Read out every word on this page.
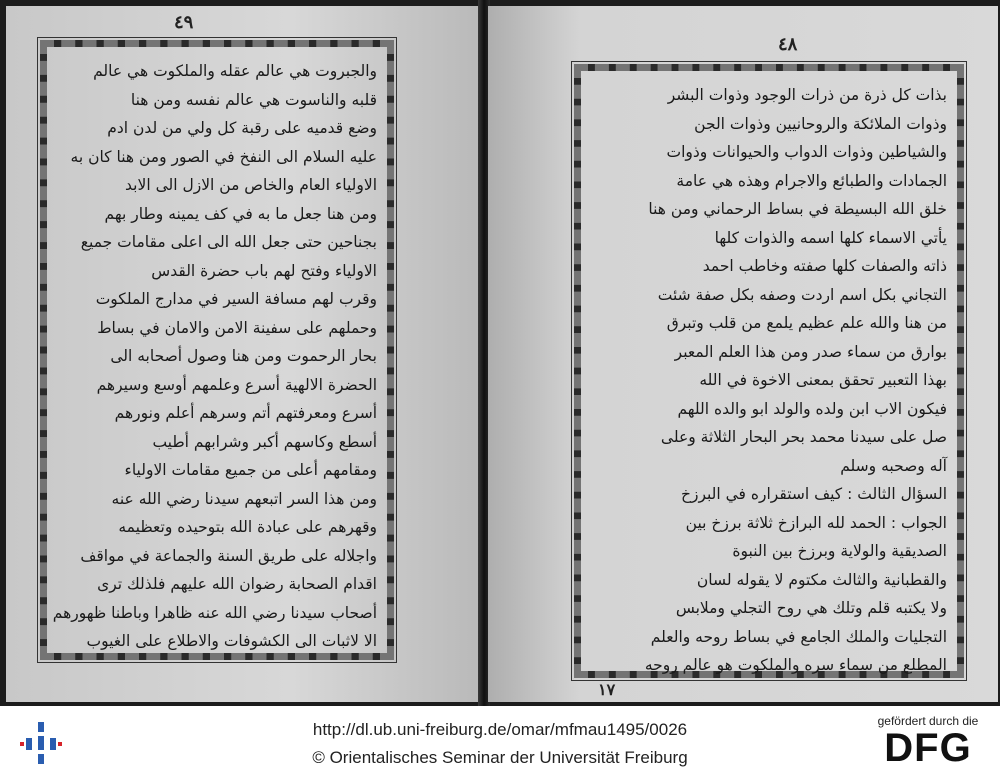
٤٩
والجبروت هي عالم عقله والملكوت هي عالم
قلبه والناسوت هي عالم نفسه ومن هنا
وضع قدميه على رقبة كل ولي من لدن ادم
عليه السلام الى النفخ في الصور ومن هنا كان به
الاولياء العام والخاص من الازل الى الابد
ومن هنا جعل ما به في كف يمينه وطار بهم
بجناحين حتى جعل الله الى اعلى مقامات جميع
الاولياء وفتح لهم باب حضرة القدس
وقرب لهم مسافة السير في مدارج الملكوت
وحملهم على سفينة الامن والامان في بساط
بحار الرحموت ومن هنا وصول أصحابه الى
الحضرة الالهية أسرع وعلمهم أوسع وسيرهم
أسرع ومعرفتهم أتم وسرهم أعلم ونورهم
أسطع وكاسهم أكبر وشرابهم أطيب
ومقامهم أعلى من جميع مقامات الاولياء
ومن هذا السر اتبعهم سيدنا رضي الله عنه
وقهرهم على عبادة الله بتوحيده وتعظيمه
واجلاله على طريق السنة والجماعة في مواقف
اقدام الصحابة رضوان الله عليهم فلذلك ترى
أصحاب سيدنا رضي الله عنه ظاهرا وباطنا ظهورهم
الا لاثبات الى الكشوفات والاطلاع على الغيوب
٤٨
بذات كل ذرة من ذرات الوجود وذوات البشر
وذوات الملائكة والروحانيين وذوات الجن
والشياطين وذوات الدواب والحيوانات وذوات
الجمادات والطبائع والاجرام وهذه هي عامة
خلق الله البسيطة في بساط الرحماني ومن هنا
يأتي الاسماء كلها اسمه والذوات كلها
ذاته والصفات كلها صفته وخاطب احمد
التجاني بكل اسم اردت وصفه بكل صفة شئت
من هنا والله علم عظيم يلمع من قلب وتبرق
بوارق من سماء صدر ومن هذا العلم المعبر
بهذا التعبير تحقق بمعنى الاخوة في الله
فيكون الاب ابن ولده والولد ابو والده اللهم
صل على سيدنا محمد بحر البحار الثلاثة وعلى
آله وصحبه وسلم
السؤال الثالث : كيف استقراره في البرزخ
الجواب : الحمد لله البرازخ ثلاثة برزخ بين
الصديقية والولاية وبرزخ بين النبوة
والقطبانية والثالث مكتوم لا يقوله لسان
ولا يكتبه قلم وتلك هي روح التجلي وملابس
التجليات والملك الجامع في بساط روحه والعلم
المطلع من سماء سره والملكوت هو عالم روحه
١٧
http://dl.ub.uni-freiburg.de/omar/mfmau1495/0026
© Orientalisches Seminar der Universität Freiburg
gefördert durch die
DFG
